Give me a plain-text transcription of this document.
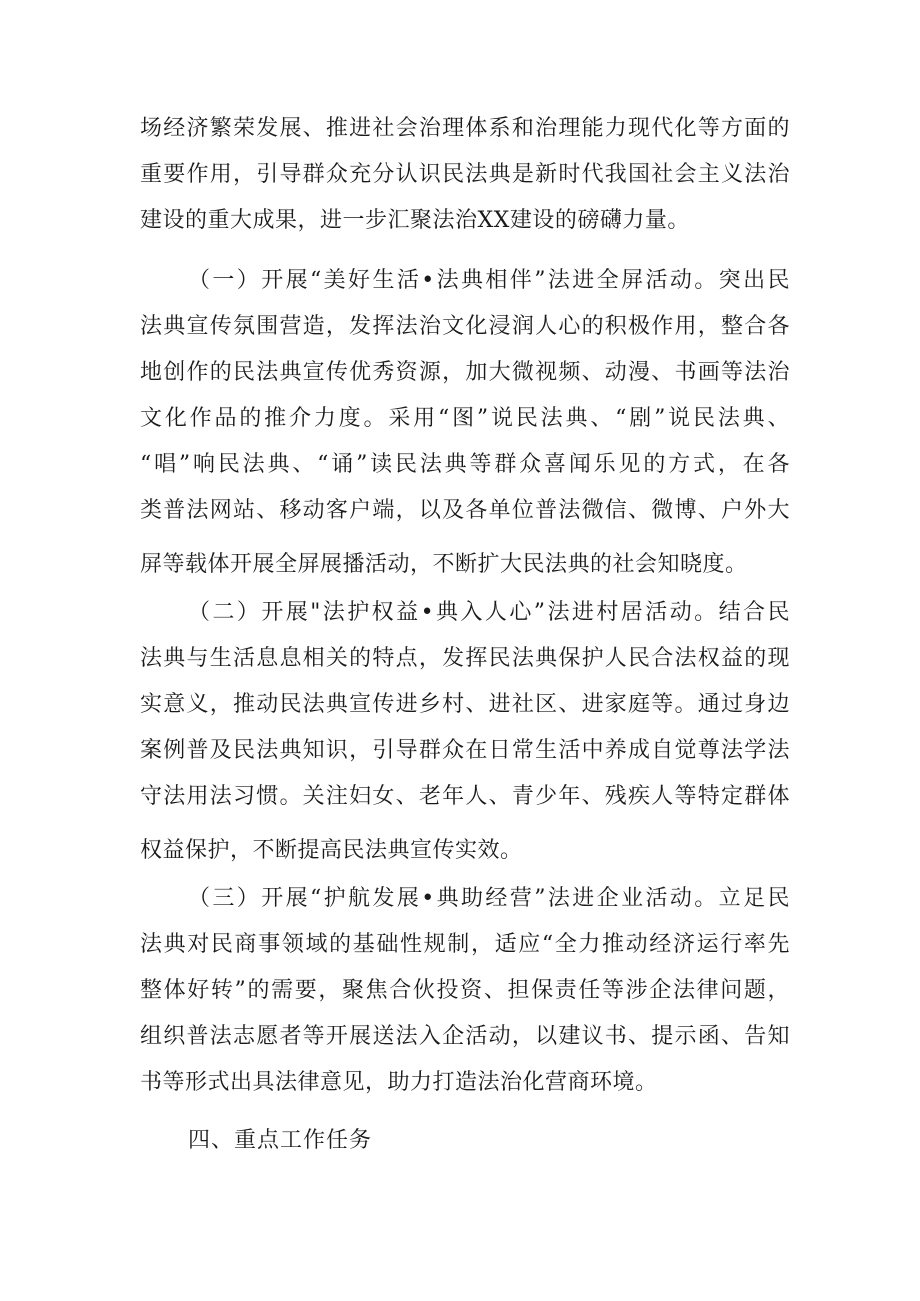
场经济繁荣发展、推进社会治理体系和治理能力现代化等方面的
重要作用，引导群众充分认识民法典是新时代我国社会主义法治
建设的重大成果，进一步汇聚法治XX建设的磅礴力量。
（一）开展“美好生活•法典相伴”法进全屏活动。突出民
法典宣传氛围营造，发挥法治文化浸润人心的积极作用，整合各
地创作的民法典宣传优秀资源，加大微视频、动漫、书画等法治
文化作品的推介力度。采用“图”说民法典、“剧”说民法典、
“唱”响民法典、“诵”读民法典等群众喜闻乐见的方式，在各
类普法网站、移动客户端，以及各单位普法微信、微博、户外大
屏等载体开展全屏展播活动，不断扩大民法典的社会知晓度。
（二）开展"法护权益•典入人心”法进村居活动。结合民
法典与生活息息相关的特点，发挥民法典保护人民合法权益的现
实意义，推动民法典宣传进乡村、进社区、进家庭等。通过身边
案例普及民法典知识，引导群众在日常生活中养成自觉尊法学法
守法用法习惯。关注妇女、老年人、青少年、残疾人等特定群体
权益保护，不断提高民法典宣传实效。
（三）开展“护航发展•典助经营”法进企业活动。立足民
法典对民商事领域的基础性规制，适应“全力推动经济运行率先
整体好转”的需要，聚焦合伙投资、担保责任等涉企法律问题，
组织普法志愿者等开展送法入企活动，以建议书、提示函、告知
书等形式出具法律意见，助力打造法治化营商环境。
四、重点工作任务
